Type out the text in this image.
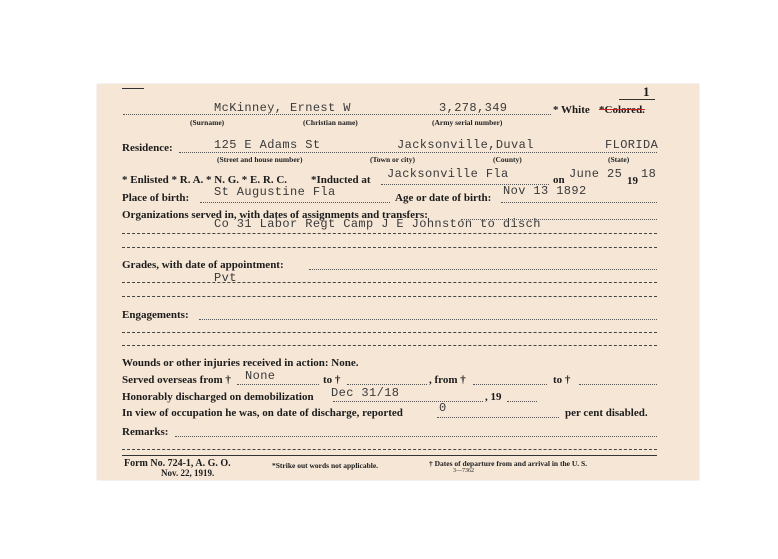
1
McKinney, Ernest W	3,278,349	* White *Colored.
(Surname)	(Christian name)	(Army serial number)
Residence:	125 E Adams St	Jacksonville,Duval	FLORIDA
(Street and house number)	(Town or city)	(County)	(State)
* Enlisted * R. A. * N. G. * E. R. C. *Inducted at Jacksonville Fla	on June 25 19 18
Place of birth: St Augustine Fla	Age or date of birth: Nov 13 1892
Organizations served in, with dates of assignments and transfers:
Co 31 Labor Regt Camp J E Johnston to disch
Grades, with date of appointment:
Pvt
Engagements:
Wounds or other injuries received in action: None.
Served overseas from † None	to †	, from †	to †
Honorably discharged on demobilization Dec 31/18	, 19
In view of occupation he was, on date of discharge, reported	0	per cent disabled.
Remarks:
Form No. 724-1, A. G. O.
Nov. 22, 1919.
*Strike out words not applicable.	† Dates of departure from and arrival in the U. S.
3—7362
